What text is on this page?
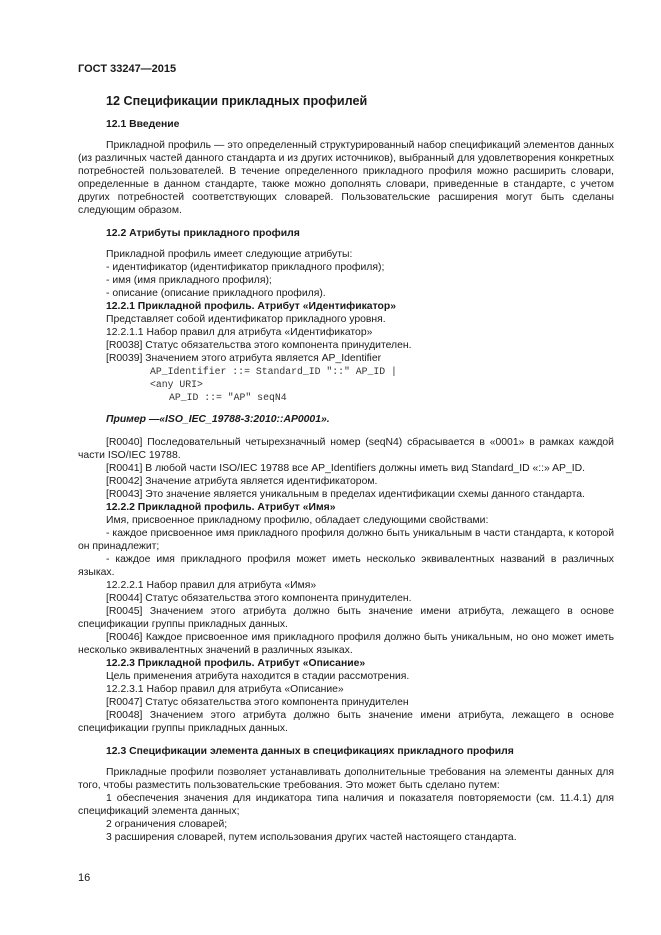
ГОСТ 33247—2015
12 Спецификации прикладных профилей
12.1 Введение

Прикладной профиль — это определенный структурированный набор спецификаций элементов данных (из различных частей данного стандарта и из других источников), выбранный для удовлетворения конкретных потребностей пользователей. В течение определенного прикладного профиля можно расширить словари, определенные в данном стандарте, также можно дополнять словари, приведенные в стандарте, с учетом других потребностей соответствующих словарей. Пользовательские расширения могут быть сделаны следующим образом.

12.2 Атрибуты прикладного профиля

Прикладной профиль имеет следующие атрибуты:

- идентификатор (идентификатор прикладного профиля);

- имя (имя прикладного профиля);

- описание (описание прикладного профиля).

12.2.1 Прикладной профиль. Атрибут «Идентификатор»

Представляет собой идентификатор прикладного уровня.

12.2.1.1 Набор правил для атрибута «Идентификатор»

[R0038] Статус обязательства этого компонента принудителен.

[R0039] Значением этого атрибута является AP_Identifier

AP_Identifier ::= Standard_ID "::" AP_ID |
<any URI>
AP_ID ::= "AP" seqN4
Пример —«ISO_IEC_19788-3:2010::AP0001».

[R0040] Последовательный четырехзначный номер (seqN4) сбрасывается в «0001» в рамках каждой части ISO/IEC 19788.

[R0041] В любой части ISO/IEC 19788 все AP_Identifiers должны иметь вид Standard_ID «::» AP_ID.

[R0042] Значение атрибута является идентификатором.

[R0043] Это значение является уникальным в пределах идентификации схемы данного стандарта.

12.2.2 Прикладной профиль. Атрибут «Имя»

Имя, присвоенное прикладному профилю, обладает следующими свойствами:

- каждое присвоенное имя прикладного профиля должно быть уникальным в части стандарта, к которой он принадлежит;

- каждое имя прикладного профиля может иметь несколько эквивалентных названий в различных языках.

12.2.2.1 Набор правил для атрибута «Имя»

[R0044] Статус обязательства этого компонента принудителен.

[R0045] Значением этого атрибута должно быть значение имени атрибута, лежащего в основе спецификации группы прикладных данных.

[R0046] Каждое присвоенное имя прикладного профиля должно быть уникальным, но оно может иметь несколько эквивалентных значений в различных языках.

12.2.3 Прикладной профиль. Атрибут «Описание»

Цель применения атрибута находится в стадии рассмотрения.

12.2.3.1 Набор правил для атрибута «Описание»

[R0047] Статус обязательства этого компонента принудителен

[R0048] Значением этого атрибута должно быть значение имени атрибута, лежащего в основе спецификации группы прикладных данных.

12.3 Спецификации элемента данных в спецификациях прикладного профиля

Прикладные профили позволяет устанавливать дополнительные требования на элементы данных для того, чтобы разместить пользовательские требования. Это может быть сделано путем:

1 обеспечения значения для индикатора типа наличия и показателя повторяемости (см. 11.4.1) для спецификаций элемента данных;

2 ограничения словарей;

3 расширения словарей, путем использования других частей настоящего стандарта.

16
